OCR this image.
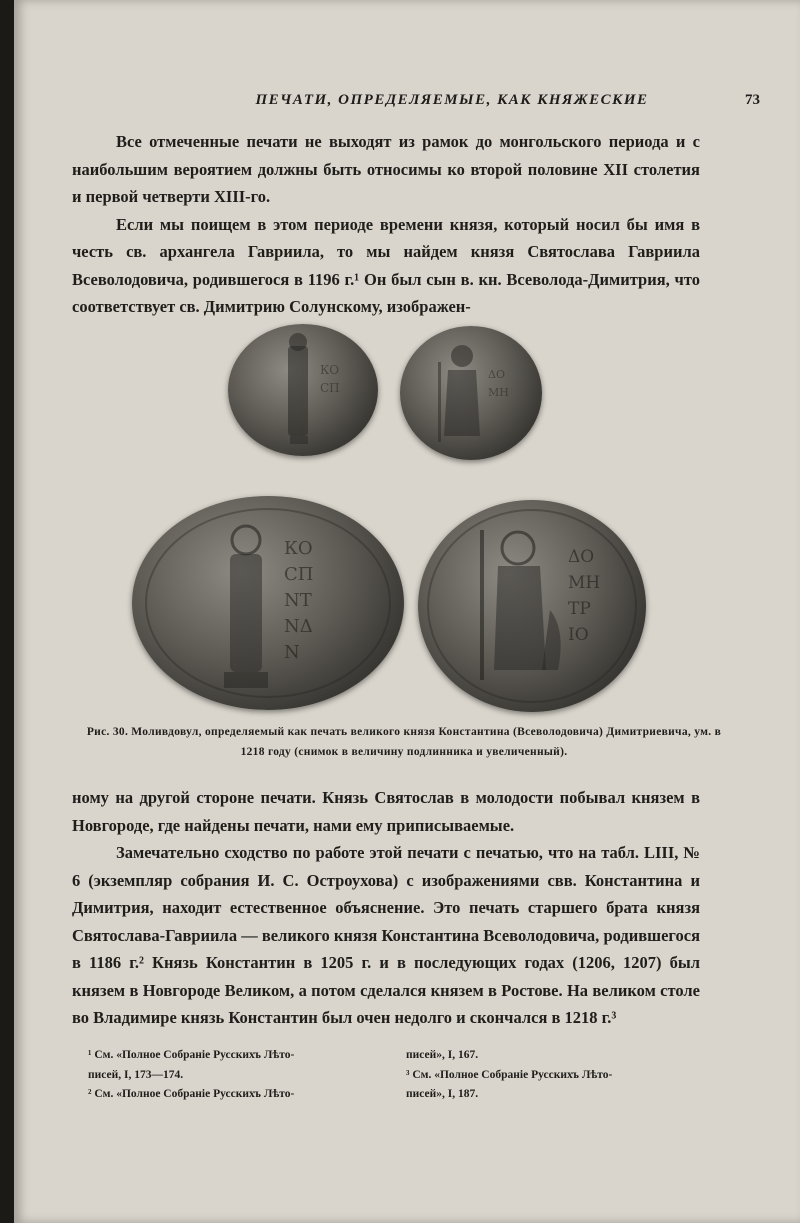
ПЕЧАТИ, ОПРЕДЕЛЯЕМЫЕ, КАК КНЯЖЕСКИЕ	73

Все отмеченные печати не выходят из рамок до монгольского периода и с наибольшим вероятием должны быть относимы ко второй половине XII столетия и первой четверти XIII-го.

Если мы поищем в этом периоде времени князя, который носил бы имя в честь св. архангела Гавриила, то мы найдем князя Святослава Гавриила Всеволодовича, родившегося в 1196 г.¹ Он был сын в. кн. Всеволода-Димитрия, что соответствует св. Димитрию Солунскому, изображен-

КО
СП
ΔΟ
ΜΗ
КО
СП
NT
NΔ
N
ΔΟ
ΜΗ
ΤΡ
ΙΟ
Рис. 30. Моливдовул, определяемый как печать великого князя Константина (Всеволодовича) Димитриевича, ум. в 1218 году (снимок в величину подлинника и увеличенный).

ному на другой стороне печати. Князь Святослав в молодости побывал князем в Новгороде, где найдены печати, нами ему приписываемые.

Замечательно сходство по работе этой печати с печатью, что на табл. LIII, № 6 (экземпляр собрания И. С. Остроухова) с изображениями свв. Константина и Димитрия, находит естественное объяснение. Это печать старшего брата князя Святослава-Гавриила — великого князя Константина Всеволодовича, родившегося в 1186 г.² Князь Константин в 1205 г. и в последующих годах (1206, 1207) был князем в Новгороде Великом, а потом сделался князем в Ростове. На великом столе во Владимире князь Константин был очен недолго и скончался в 1218 г.³

¹ См. «Полное Собраніе Русскихъ Лѣто-

писей, I, 173—174.

² См. «Полное Собраніе Русскихъ Лѣто-

писей», I, 167.

³ См. «Полное Собраніе Русскихъ Лѣто-

писей», I, 187.
